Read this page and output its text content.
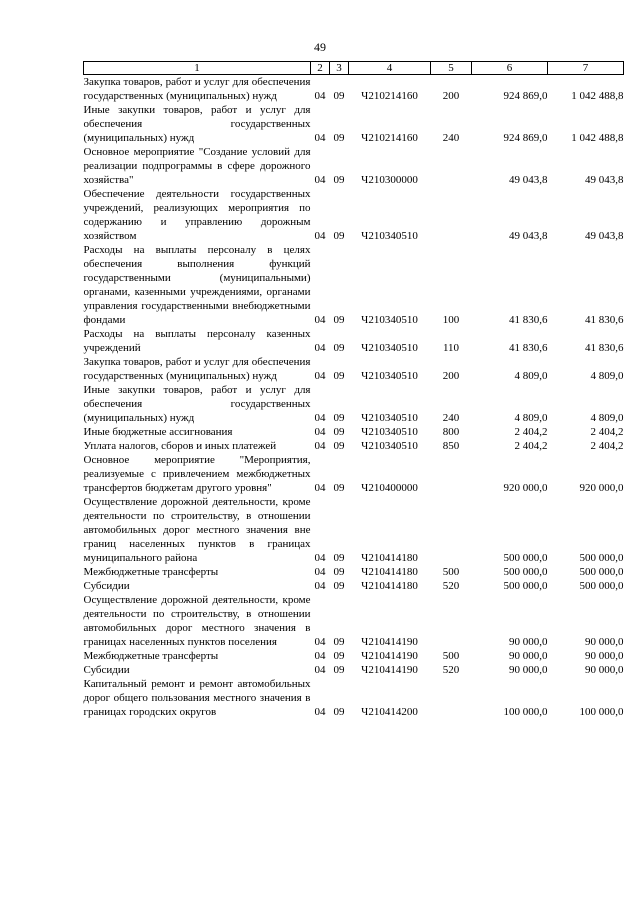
49
1	2	3	4	5	6	7
Закупка товаров, работ и услуг для обеспечения государственных (муниципальных) нужд	04	09	Ч210214160	200	924 869,0	1 042 488,8
Иные закупки товаров, работ и услуг для обеспечения государственных (муниципальных) нужд	04	09	Ч210214160	240	924 869,0	1 042 488,8
Основное мероприятие "Создание условий для реализации подпрограммы в сфере дорожного хозяйства"	04	09	Ч210300000		49 043,8	49 043,8
Обеспечение деятельности государственных учреждений, реализующих мероприятия по содержанию и управлению дорожным хозяйством	04	09	Ч210340510		49 043,8	49 043,8
Расходы на выплаты персоналу в целях обеспечения выполнения функций государственными (муниципальными) органами, казенными учреждениями, органами управления государственными внебюджетными фондами	04	09	Ч210340510	100	41 830,6	41 830,6
Расходы на выплаты персоналу казенных учреждений	04	09	Ч210340510	110	41 830,6	41 830,6
Закупка товаров, работ и услуг для обеспечения государственных (муниципальных) нужд	04	09	Ч210340510	200	4 809,0	4 809,0
Иные закупки товаров, работ и услуг для обеспечения государственных (муниципальных) нужд	04	09	Ч210340510	240	4 809,0	4 809,0
Иные бюджетные ассигнования	04	09	Ч210340510	800	2 404,2	2 404,2
Уплата налогов, сборов и иных платежей	04	09	Ч210340510	850	2 404,2	2 404,2
Основное мероприятие "Мероприятия, реализуемые с привлечением межбюджетных трансфертов бюджетам другого уровня"	04	09	Ч210400000		920 000,0	920 000,0
Осуществление дорожной деятельности, кроме деятельности по строительству, в отношении автомобильных дорог местного значения вне границ населенных пунктов в границах муниципального района	04	09	Ч210414180		500 000,0	500 000,0
Межбюджетные трансферты	04	09	Ч210414180	500	500 000,0	500 000,0
Субсидии	04	09	Ч210414180	520	500 000,0	500 000,0
Осуществление дорожной деятельности, кроме деятельности по строительству, в отношении автомобильных дорог местного значения в границах населенных пунктов поселения	04	09	Ч210414190		90 000,0	90 000,0
Межбюджетные трансферты	04	09	Ч210414190	500	90 000,0	90 000,0
Субсидии	04	09	Ч210414190	520	90 000,0	90 000,0
Капитальный ремонт и ремонт автомобильных дорог общего пользования местного значения в границах городских округов	04	09	Ч210414200		100 000,0	100 000,0
